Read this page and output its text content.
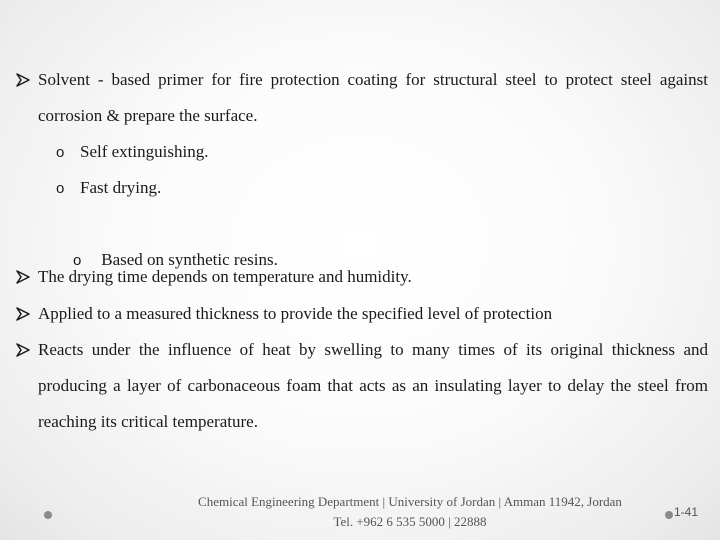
Solvent - based primer for fire protection coating for structural steel to protect steel against corrosion & prepare the surface.
o Self extinguishing.
o Fast drying.

o Based on synthetic resins.

The drying time depends on temperature and humidity.
Applied to a measured thickness to provide the specified level of protection
Reacts under the influence of heat by swelling to many times of its original thickness and producing a layer of carbonaceous foam that acts as an insulating layer to delay the steel from reaching its critical temperature.
Chemical Engineering Department | University of Jordan | Amman 11942, Jordan
Tel. +962 6 535 5000 | 22888
1-41
